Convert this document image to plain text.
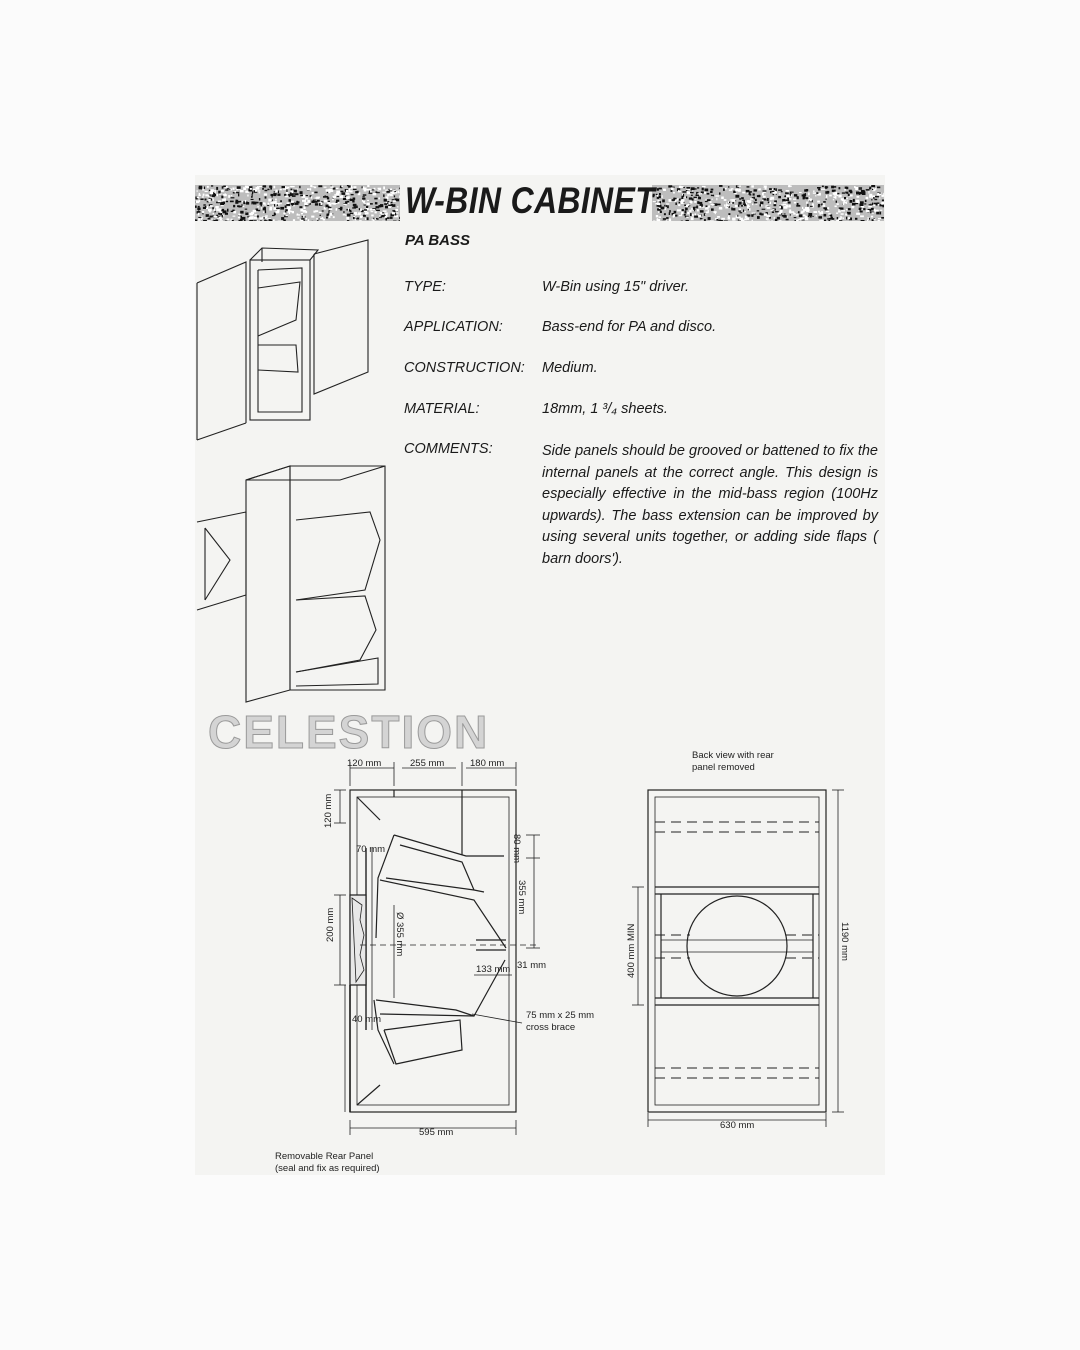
W-BIN CABINET
PA BASS
TYPE:	W-Bin using 15" driver.
APPLICATION:	Bass-end for PA and disco.
CONSTRUCTION: Medium.
MATERIAL:	18mm, 1 ³/₄ sheets.
COMMENTS:	Side panels should be grooved or battened to fix the internal panels at the correct angle. This design is especially effective in the mid-bass region (100Hz upwards). The bass extension can be improved by using several units together, or adding side flaps ( barn doors').
CELESTION
120 mm	255 mm	180 mm
120 mm
70 mm	80 mm
355 mm
200 mm	Ø 355 mm
133 mm 31 mm
40 mm	75 mm x 25 mm
cross brace
595 mm
Removable Rear Panel
(seal and fix as required)
Back view with rear
panel removed
1190 mm
400 mm MIN
630 mm
